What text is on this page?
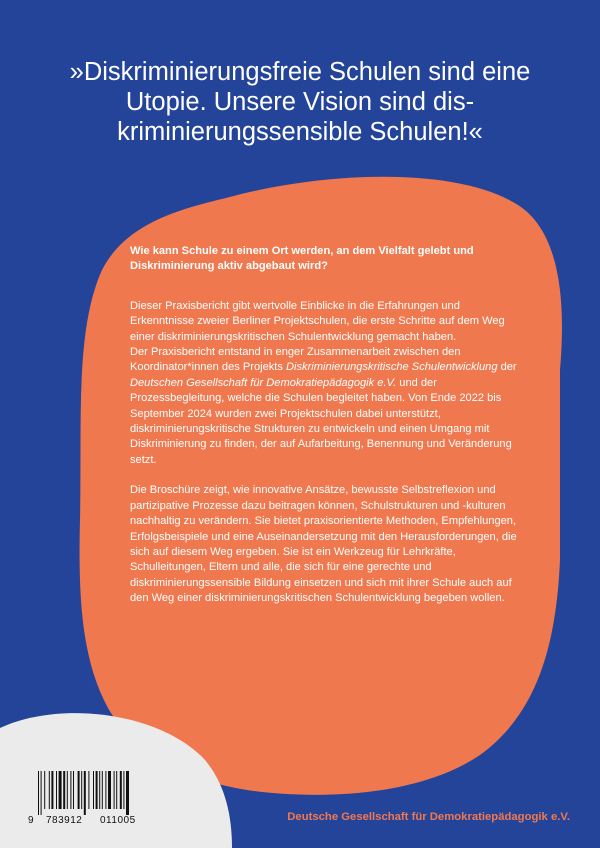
»Diskriminierungsfreie Schulen sind eine Utopie. Unsere Vision sind dis-kriminierungssensible Schulen!«

Wie kann Schule zu einem Ort werden, an dem Vielfalt gelebt und Diskriminierung aktiv abgebaut wird?

Dieser Praxisbericht gibt wertvolle Einblicke in die Erfahrungen und Erkenntnisse zweier Berliner Projektschulen, die erste Schritte auf dem Weg einer diskriminierungskritischen Schulentwicklung gemacht haben.

Der Praxisbericht entstand in enger Zusammenarbeit zwischen den Koordinator*innen des Projekts Diskriminierungskritische Schulentwicklung der Deutschen Gesellschaft für Demokratiepädagogik e.V. und der Prozessbegleitung, welche die Schulen begleitet haben. Von Ende 2022 bis September 2024 wurden zwei Projektschulen dabei unterstützt, diskriminierungskritische Strukturen zu entwickeln und einen Umgang mit Diskriminierung zu finden, der auf Aufarbeitung, Benennung und Veränderung setzt.

Die Broschüre zeigt, wie innovative Ansätze, bewusste Selbstreflexion und partizipative Prozesse dazu beitragen können, Schulstrukturen und -kulturen nachhaltig zu verändern. Sie bietet praxisorientierte Methoden, Empfehlungen, Erfolgsbeispiele und eine Auseinandersetzung mit den Herausforderungen, die sich auf diesem Weg ergeben. Sie ist ein Werkzeug für Lehrkräfte, Schulleitungen, Eltern und alle, die sich für eine gerechte und diskriminierungssensible Bildung einsetzen und sich mit ihrer Schule auch auf den Weg einer diskriminierungskritischen Schulentwicklung begeben wollen.

9 783912 011005	Deutsche Gesellschaft für Demokratiepädagogik e.V.
